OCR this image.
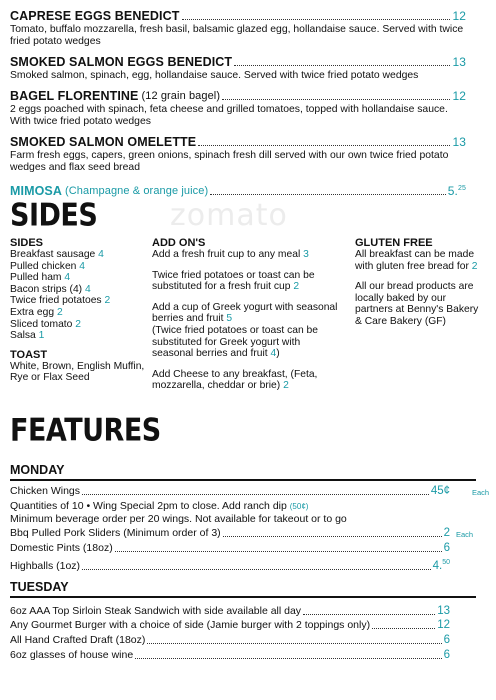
CAPRESE EGGS BENEDICT	12
Tomato, buffalo mozzarella, fresh basil, balsamic glazed egg, hollandaise sauce. Served with twice fried potato wedges
SMOKED SALMON EGGS BENEDICT	13
Smoked salmon, spinach, egg, hollandaise sauce. Served with twice fried potato wedges
BAGEL FLORENTINE (12 grain bagel)	12
2 eggs poached with spinach, feta cheese and grilled tomatoes, topped with hollandaise sauce. With twice fried potato wedges
SMOKED SALMON OMELETTE	13
Farm fresh eggs, capers, green onions, spinach fresh dill served with our own twice fried potato wedges and flax seed bread
MIMOSA (Champagne & orange juice)	5.25
zomato
SIDES
SIDES
Breakfast sausage 4
Pulled chicken 4
Pulled ham 4
Bacon strips (4) 4
Twice fried potatoes 2
Extra egg 2
Sliced tomato 2
Salsa 1
TOAST
White, Brown, English Muffin, Rye or Flax Seed
ADD ON'S
Add a fresh fruit cup to any meal 3
Twice fried potatoes or toast can be substituted for a fresh fruit cup 2
Add a cup of Greek yogurt with seasonal berries and fruit 5
(Twice fried potatoes or toast can be substituted for Greek yogurt with seasonal berries and fruit 4)
Add Cheese to any breakfast, (Feta, mozzarella, cheddar or brie) 2
GLUTEN FREE
All breakfast can be made with gluten free bread for 2
All our bread products are locally baked by our partners at Benny's Bakery & Care Bakery (GF)
FEATURES
MONDAY
Chicken Wings	45¢	Each
Quantities of 10 • Wing Special 2pm to close. Add ranch dip (50¢)
Minimum beverage order per 20 wings. Not available for takeout or to go
Bbq Pulled Pork Sliders (Minimum order of 3)	2 Each
Domestic Pints (18oz)	6
Highballs (1oz)	4.50
TUESDAY
6oz AAA Top Sirloin Steak Sandwich with side available all day	13
Any Gourmet Burger with a choice of side (Jamie burger with 2 toppings only)	12
All Hand Crafted Draft (18oz)	6
6oz glasses of house wine	6
